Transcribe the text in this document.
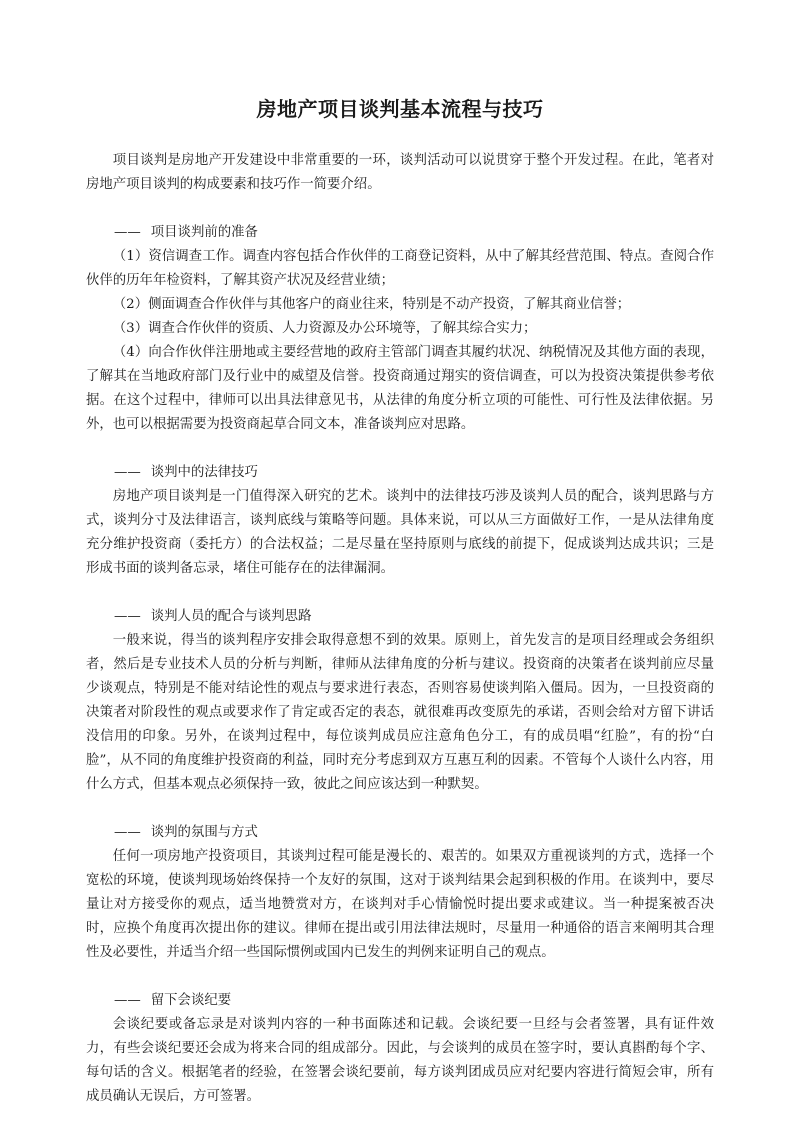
房地产项目谈判基本流程与技巧

项目谈判是房地产开发建设中非常重要的一环，谈判活动可以说贯穿于整个开发过程。在此，笔者对房地产项目谈判的构成要素和技巧作一简要介绍。

—— 项目谈判前的准备

（1）资信调查工作。调查内容包括合作伙伴的工商登记资料，从中了解其经营范围、特点。查阅合作伙伴的历年年检资料，了解其资产状况及经营业绩；

（2）侧面调查合作伙伴与其他客户的商业往来，特别是不动产投资，了解其商业信誉；

（3）调查合作伙伴的资质、人力资源及办公环境等，了解其综合实力；

（4）向合作伙伴注册地或主要经营地的政府主管部门调查其履约状况、纳税情况及其他方面的表现，了解其在当地政府部门及行业中的威望及信誉。投资商通过翔实的资信调查，可以为投资决策提供参考依据。在这个过程中，律师可以出具法律意见书，从法律的角度分析立项的可能性、可行性及法律依据。另外，也可以根据需要为投资商起草合同文本，准备谈判应对思路。

—— 谈判中的法律技巧

房地产项目谈判是一门值得深入研究的艺术。谈判中的法律技巧涉及谈判人员的配合，谈判思路与方式，谈判分寸及法律语言，谈判底线与策略等问题。具体来说，可以从三方面做好工作，一是从法律角度充分维护投资商（委托方）的合法权益；二是尽量在坚持原则与底线的前提下，促成谈判达成共识；三是形成书面的谈判备忘录，堵住可能存在的法律漏洞。

—— 谈判人员的配合与谈判思路

一般来说，得当的谈判程序安排会取得意想不到的效果。原则上，首先发言的是项目经理或会务组织者，然后是专业技术人员的分析与判断，律师从法律角度的分析与建议。投资商的决策者在谈判前应尽量少谈观点，特别是不能对结论性的观点与要求进行表态，否则容易使谈判陷入僵局。因为，一旦投资商的决策者对阶段性的观点或要求作了肯定或否定的表态，就很难再改变原先的承诺，否则会给对方留下讲话没信用的印象。另外，在谈判过程中，每位谈判成员应注意角色分工，有的成员唱“红脸”，有的扮“白脸”，从不同的角度维护投资商的利益，同时充分考虑到双方互惠互利的因素。不管每个人谈什么内容，用什么方式，但基本观点必须保持一致，彼此之间应该达到一种默契。

—— 谈判的氛围与方式

任何一项房地产投资项目，其谈判过程可能是漫长的、艰苦的。如果双方重视谈判的方式，选择一个宽松的环境，使谈判现场始终保持一个友好的氛围，这对于谈判结果会起到积极的作用。在谈判中，要尽量让对方接受你的观点，适当地赞赏对方，在谈判对手心情愉悦时提出要求或建议。当一种提案被否决时，应换个角度再次提出你的建议。律师在提出或引用法律法规时，尽量用一种通俗的语言来阐明其合理性及必要性，并适当介绍一些国际惯例或国内已发生的判例来证明自己的观点。

—— 留下会谈纪要

会谈纪要或备忘录是对谈判内容的一种书面陈述和记载。会谈纪要一旦经与会者签署，具有证件效力，有些会谈纪要还会成为将来合同的组成部分。因此，与会谈判的成员在签字时，要认真斟酌每个字、每句话的含义。根据笔者的经验，在签署会谈纪要前，每方谈判团成员应对纪要内容进行简短会审，所有成员确认无误后，方可签署。
